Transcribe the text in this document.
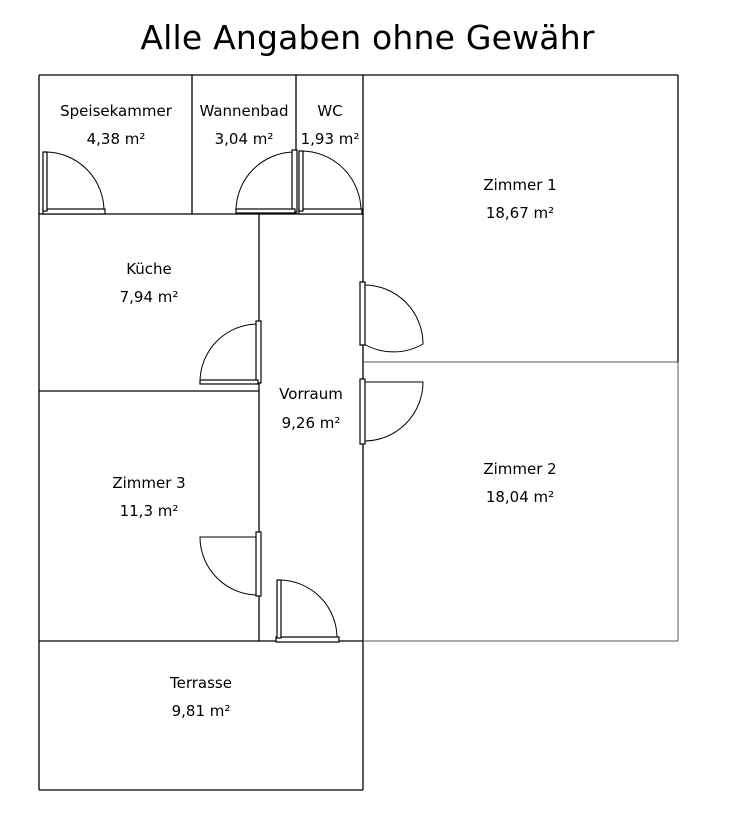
Alle Angaben ohne Gewähr
Speisekammer
4,38 m²
Wannenbad
3,04 m²
WC
1,93 m²
Zimmer 1
18,67 m²
Küche
7,94 m²
Vorraum
9,26 m²
Zimmer 3
11,3 m²
Zimmer 2
18,04 m²
Terrasse
9,81 m²
